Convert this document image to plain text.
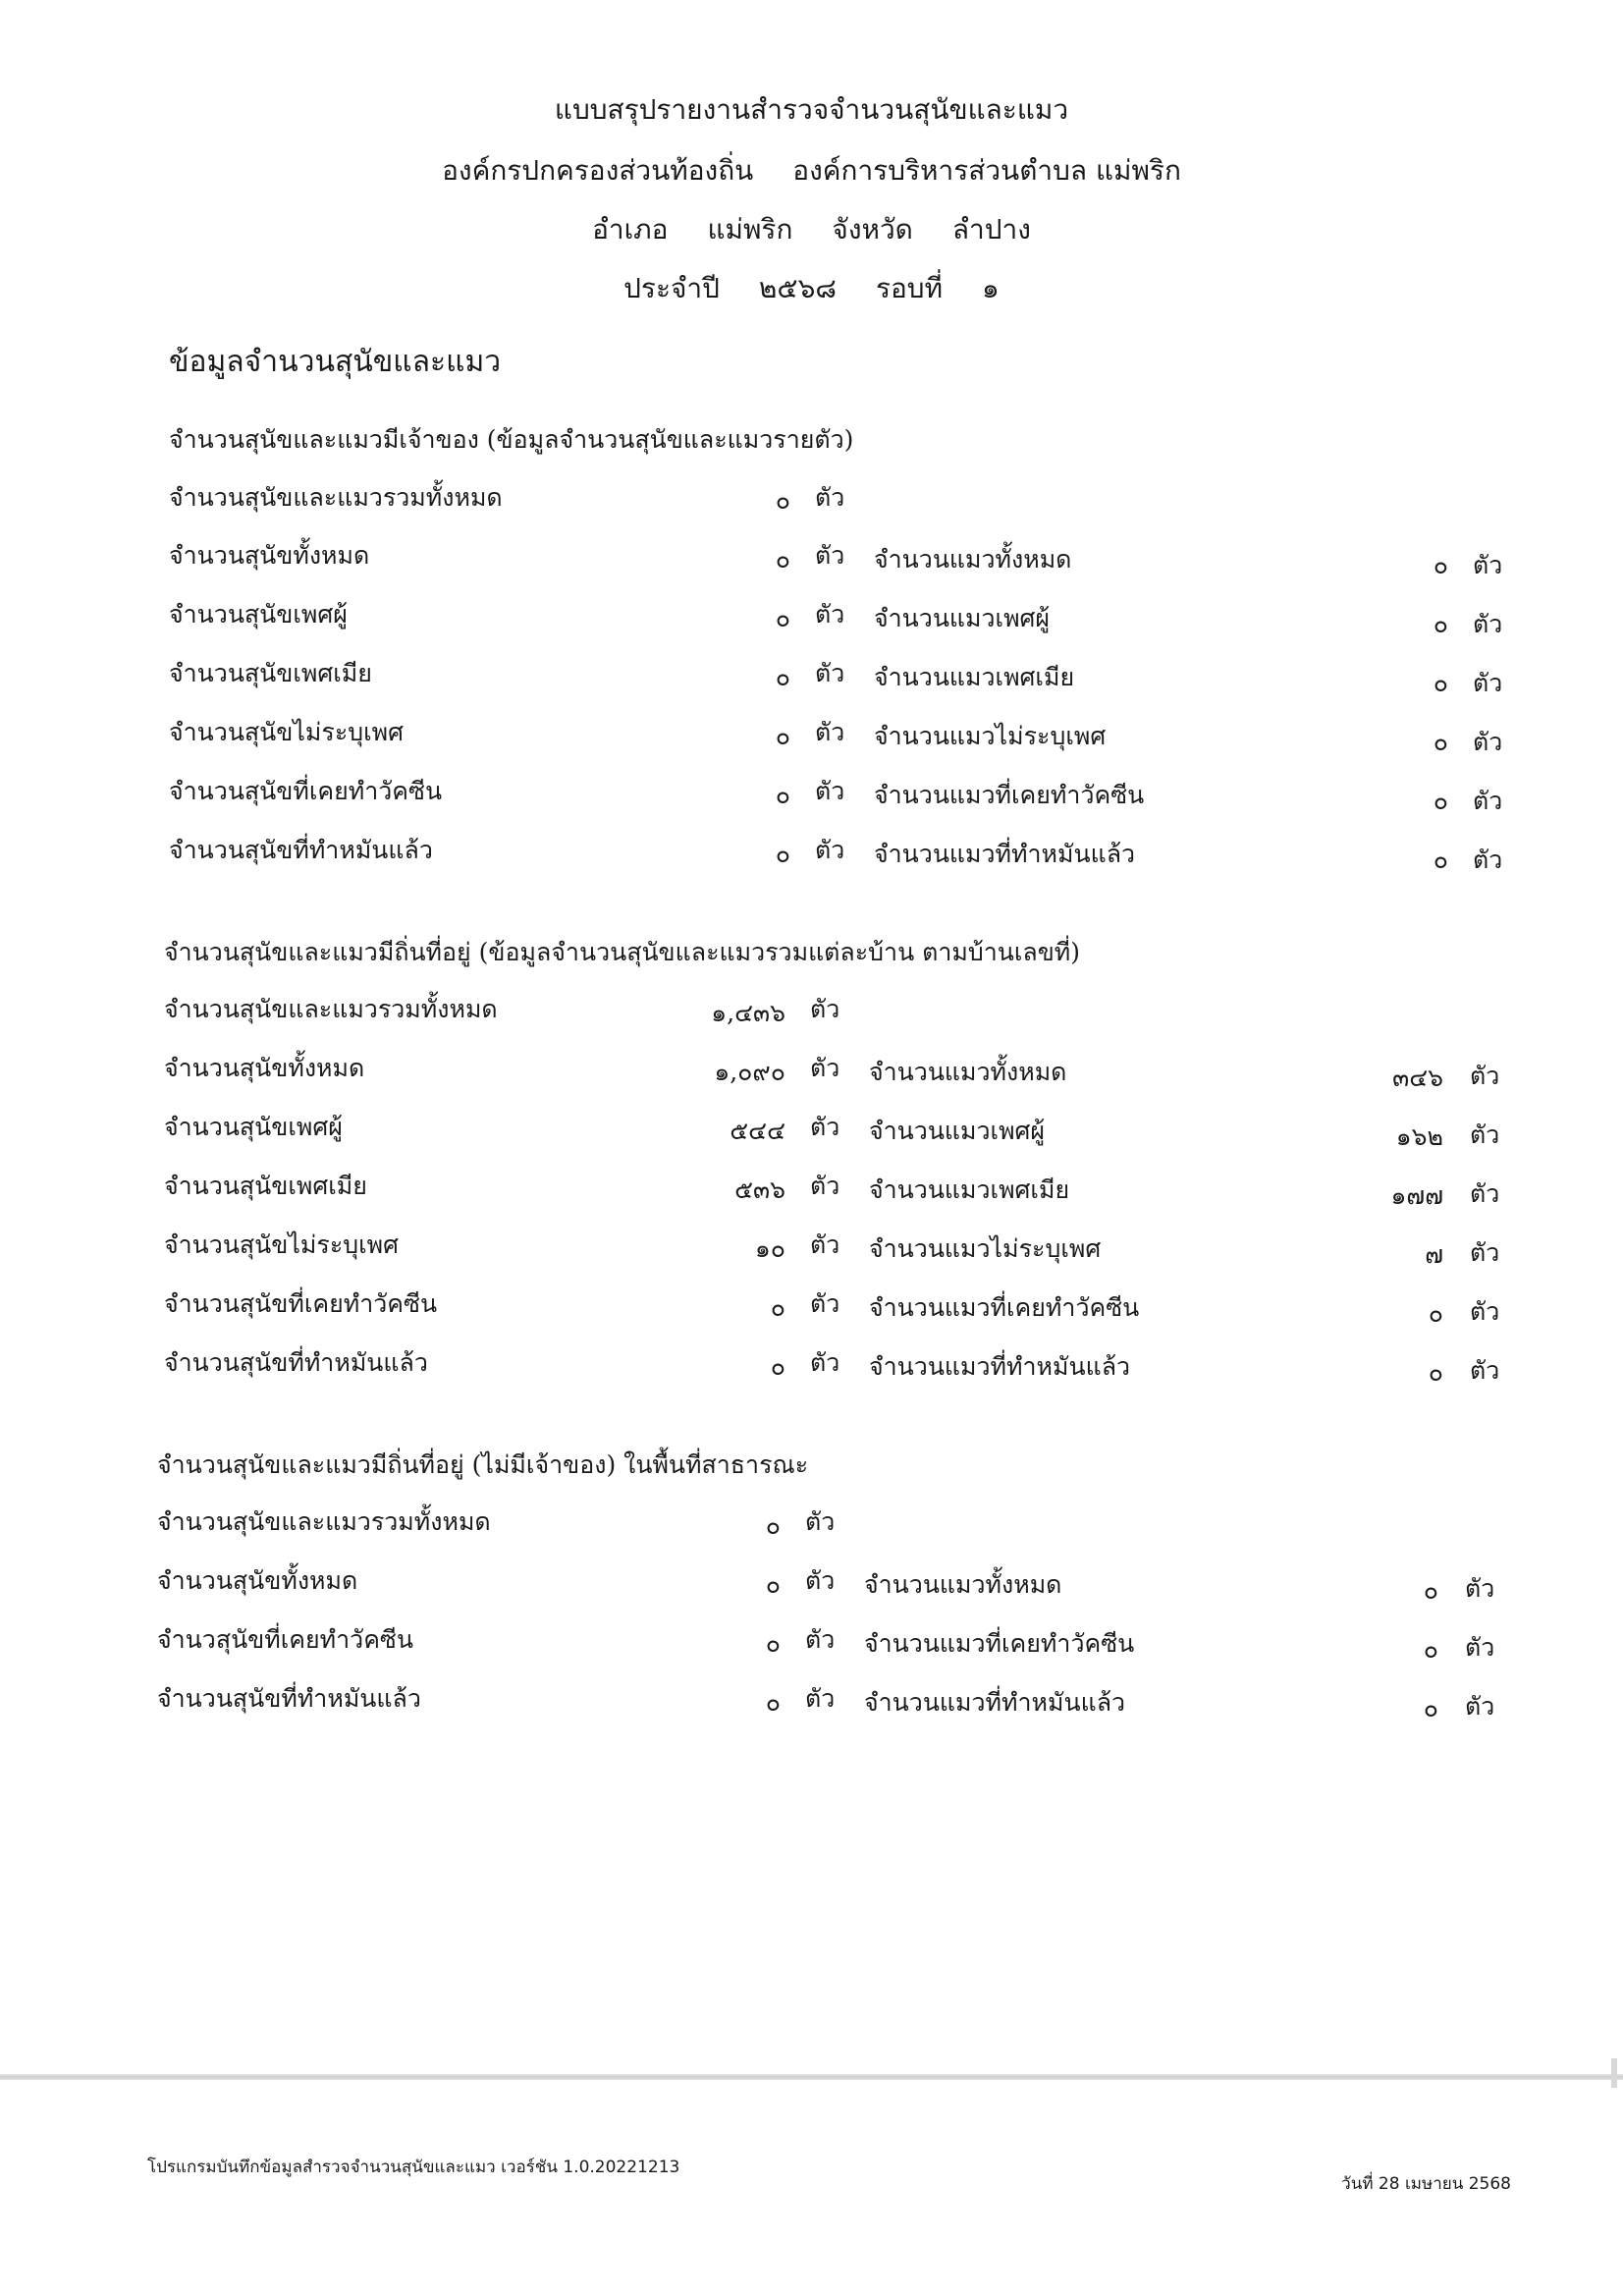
แบบสรุปรายงานสำรวจจำนวนสุนัขและแมว
องค์กรปกครองส่วนท้องถิ่น องค์การบริหารส่วนตำบล แม่พริก
อำเภอ แม่พริก จังหวัด ลำปาง
ประจำปี ๒๕๖๘ รอบที่ ๑
ข้อมูลจำนวนสุนัขและแมว
จำนวนสุนัขและแมวมีเจ้าของ (ข้อมูลจำนวนสุนัขและแมวรายตัว)
จำนวนสุนัขและแมวรวมทั้งหมด	๐ ตัว
จำนวนสุนัขทั้งหมด	๐ ตัว จำนวนแมวทั้งหมด	๐ ตัว
จำนวนสุนัขเพศผู้	๐ ตัว จำนวนแมวเพศผู้	๐ ตัว
จำนวนสุนัขเพศเมีย	๐ ตัว จำนวนแมวเพศเมีย	๐ ตัว
จำนวนสุนัขไม่ระบุเพศ	๐ ตัว จำนวนแมวไม่ระบุเพศ	๐ ตัว
จำนวนสุนัขที่เคยทำวัคซีน	๐ ตัว จำนวนแมวที่เคยทำวัคซีน	๐ ตัว
จำนวนสุนัขที่ทำหมันแล้ว	๐ ตัว จำนวนแมวที่ทำหมันแล้ว	๐ ตัว
จำนวนสุนัขและแมวมีถิ่นที่อยู่ (ข้อมูลจำนวนสุนัขและแมวรวมแต่ละบ้าน ตามบ้านเลขที่)
จำนวนสุนัขและแมวรวมทั้งหมด	๑,๔๓๖ ตัว
จำนวนสุนัขทั้งหมด	๑,๐๙๐ ตัว จำนวนแมวทั้งหมด	๓๔๖ ตัว
จำนวนสุนัขเพศผู้	๕๔๔ ตัว จำนวนแมวเพศผู้	๑๖๒ ตัว
จำนวนสุนัขเพศเมีย	๕๓๖ ตัว จำนวนแมวเพศเมีย	๑๗๗ ตัว
จำนวนสุนัขไม่ระบุเพศ	๑๐ ตัว จำนวนแมวไม่ระบุเพศ	๗ ตัว
จำนวนสุนัขที่เคยทำวัคซีน	๐ ตัว จำนวนแมวที่เคยทำวัคซีน	๐ ตัว
จำนวนสุนัขที่ทำหมันแล้ว	๐ ตัว จำนวนแมวที่ทำหมันแล้ว	๐ ตัว
จำนวนสุนัขและแมวมีถิ่นที่อยู่ (ไม่มีเจ้าของ) ในพื้นที่สาธารณะ
จำนวนสุนัขและแมวรวมทั้งหมด	๐ ตัว
จำนวนสุนัขทั้งหมด	๐ ตัว จำนวนแมวทั้งหมด	๐ ตัว
จำนวสุนัขที่เคยทำวัคซีน	๐ ตัว จำนวนแมวที่เคยทำวัคซีน	๐ ตัว
จำนวนสุนัขที่ทำหมันแล้ว	๐ ตัว จำนวนแมวที่ทำหมันแล้ว	๐ ตัว
โปรแกรมบันทึกข้อมูลสำรวจจำนวนสุนัขและแมว เวอร์ชัน 1.0.20221213
วันที่ 28 เมษายน 2568
